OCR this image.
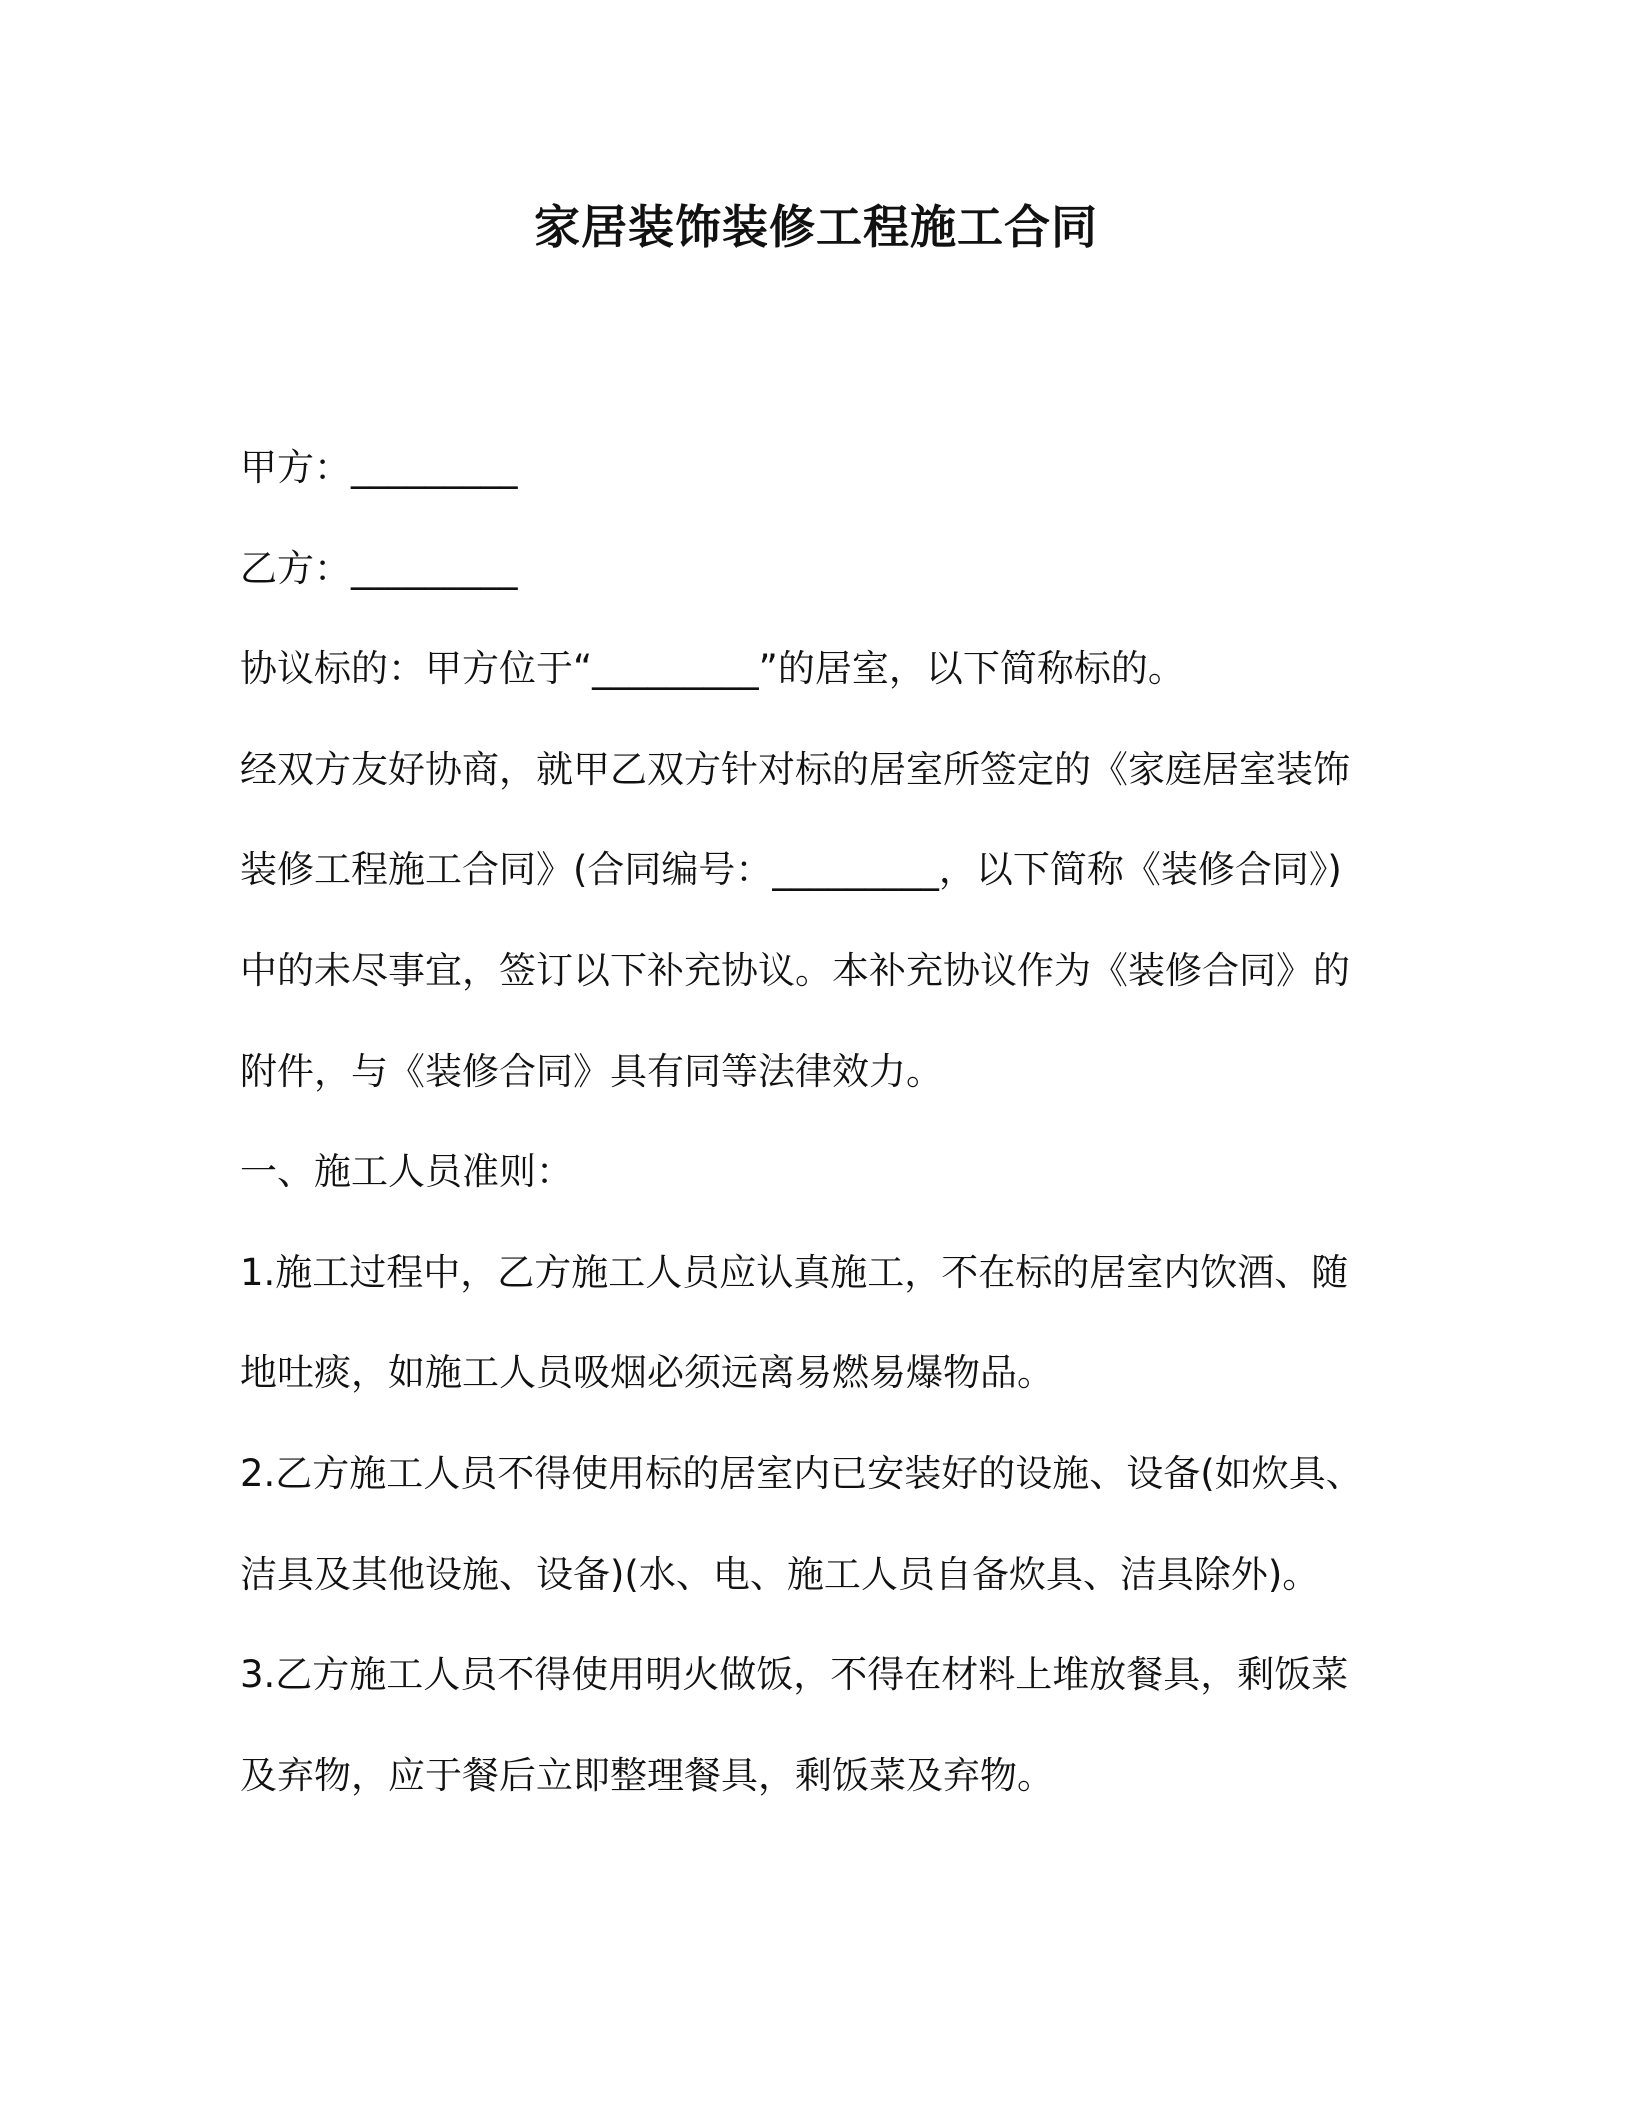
家居装饰装修工程施工合同

甲方：_________

乙方：_________

协议标的：甲方位于“_________”的居室，以下简称标的。

经双方友好协商，就甲乙双方针对标的居室所签定的《家庭居室装饰

装修工程施工合同》(合同编号：_________，以下简称《装修合同》)

中的未尽事宜，签订以下补充协议。本补充协议作为《装修合同》的

附件，与《装修合同》具有同等法律效力。

一、施工人员准则：

1.施工过程中，乙方施工人员应认真施工，不在标的居室内饮酒、随

地吐痰，如施工人员吸烟必须远离易燃易爆物品。

2.乙方施工人员不得使用标的居室内已安装好的设施、设备(如炊具、

洁具及其他设施、设备)(水、电、施工人员自备炊具、洁具除外)。

3.乙方施工人员不得使用明火做饭，不得在材料上堆放餐具，剩饭菜

及弃物，应于餐后立即整理餐具，剩饭菜及弃物。
